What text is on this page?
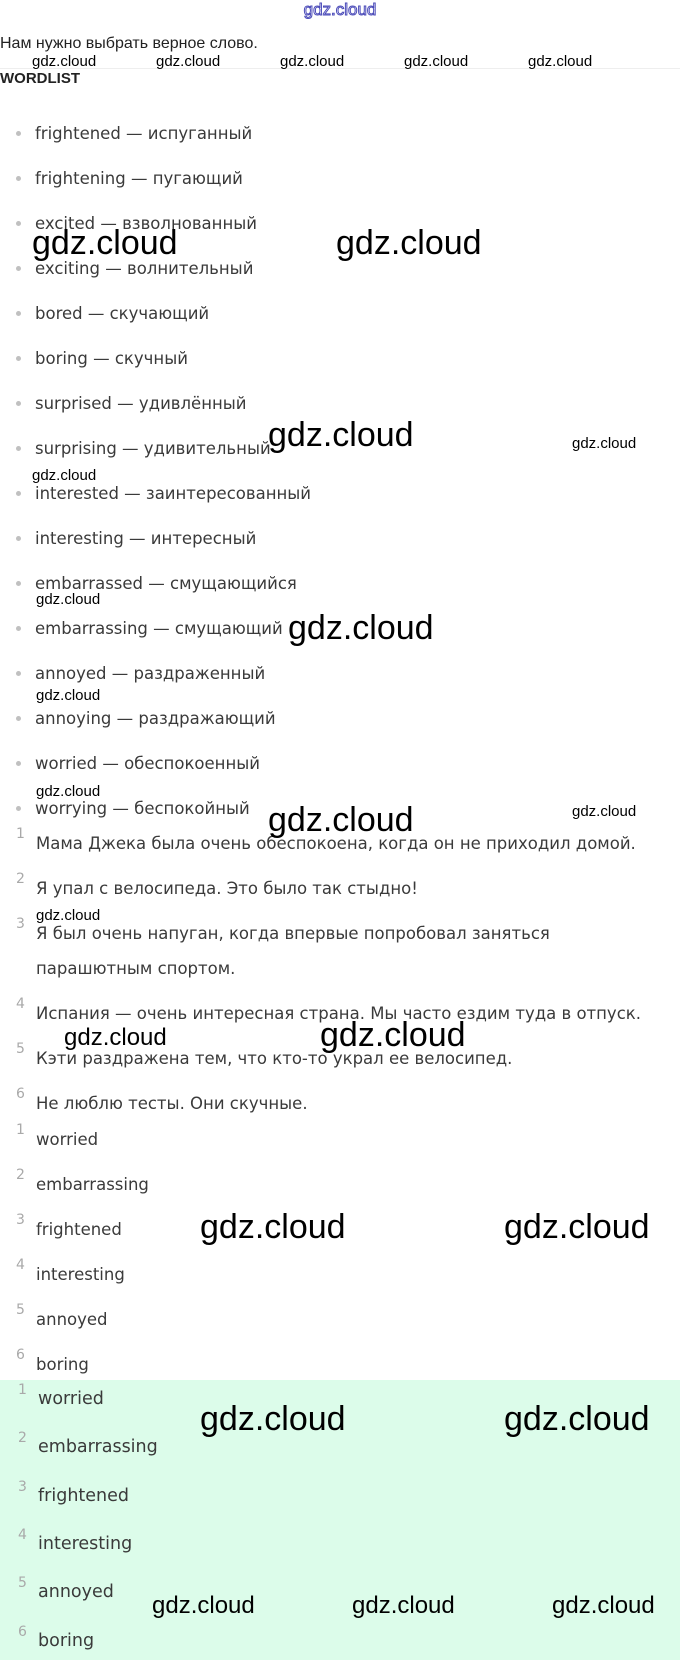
gdz.cloud
Нам нужно выбрать верное слово.
WORDLIST
frightened — испуганный
frightening — пугающий
excited — взволнованный
exciting — волнительный
bored — скучающий
boring — скучный
surprised — удивлённый
surprising — удивительный
interested — заинтересованный
interesting — интересный
embarrassed — смущающийся
embarrassing — смущающий
annoyed — раздраженный
annoying — раздражающий
worried — обеспокоенный
worrying — беспокойный
1 Мама Джека была очень обеспокоена, когда он не приходил домой.
2 Я упал с велосипеда. Это было так стыдно!
3 Я был очень напуган, когда впервые попробовал заняться парашютным спортом.
4 Испания — очень интересная страна. Мы часто ездим туда в отпуск.
5 Кэти раздражена тем, что кто-то украл ее велосипед.
6 Не люблю тесты. Они скучные.
1 worried
2 embarrassing
3 frightened
4 interesting
5 annoyed
6 boring
1 worried
2 embarrassing
3 frightened
4 interesting
5 annoyed
6 boring
gdz.cloud	gdz.cloud	gdz.cloud	gdz.cloud	gdz.cloud
gdz.cloud	gdz.cloud
gdz.cloud	gdz.cloud
gdz.cloud
gdz.cloud
gdz.cloud
gdz.cloud
gdz.cloud
gdz.cloud	gdz.cloud
gdz.cloud
gdz.cloud	gdz.cloud
gdz.cloud	gdz.cloud
gdz.cloud	gdz.cloud
gdz.cloud	gdz.cloud	gdz.cloud
